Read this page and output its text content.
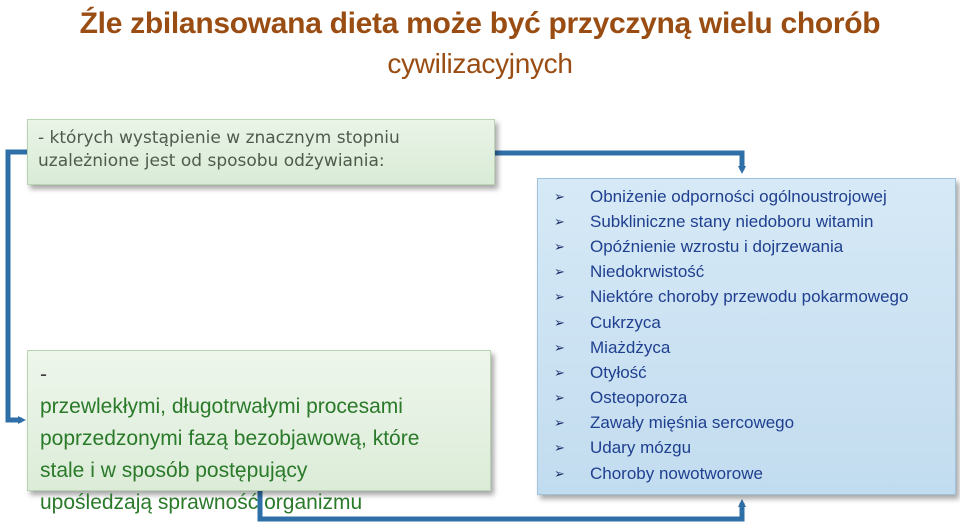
Źle zbilansowana dieta może być przyczyną wielu chorób
cywilizacyjnych
- których wystąpienie w znacznym stopniu
uzależnione jest od sposobu odżywiania:
-
przewlekłymi, długotrwałymi procesami
poprzedzonymi fazą bezobjawową, które
stale i w sposób postępujący
upośledzają sprawność organizmu
➢	Obniżenie odporności ogólnoustrojowej
➢	Subkliniczne stany niedoboru witamin
➢	Opóźnienie wzrostu i dojrzewania
➢	Niedokrwistość
➢	Niektóre choroby przewodu pokarmowego
➢	Cukrzyca
➢	Miażdżyca
➢	Otyłość
➢	Osteoporoza
➢	Zawały mięśnia sercowego
➢	Udary mózgu
➢	Choroby nowotworowe
